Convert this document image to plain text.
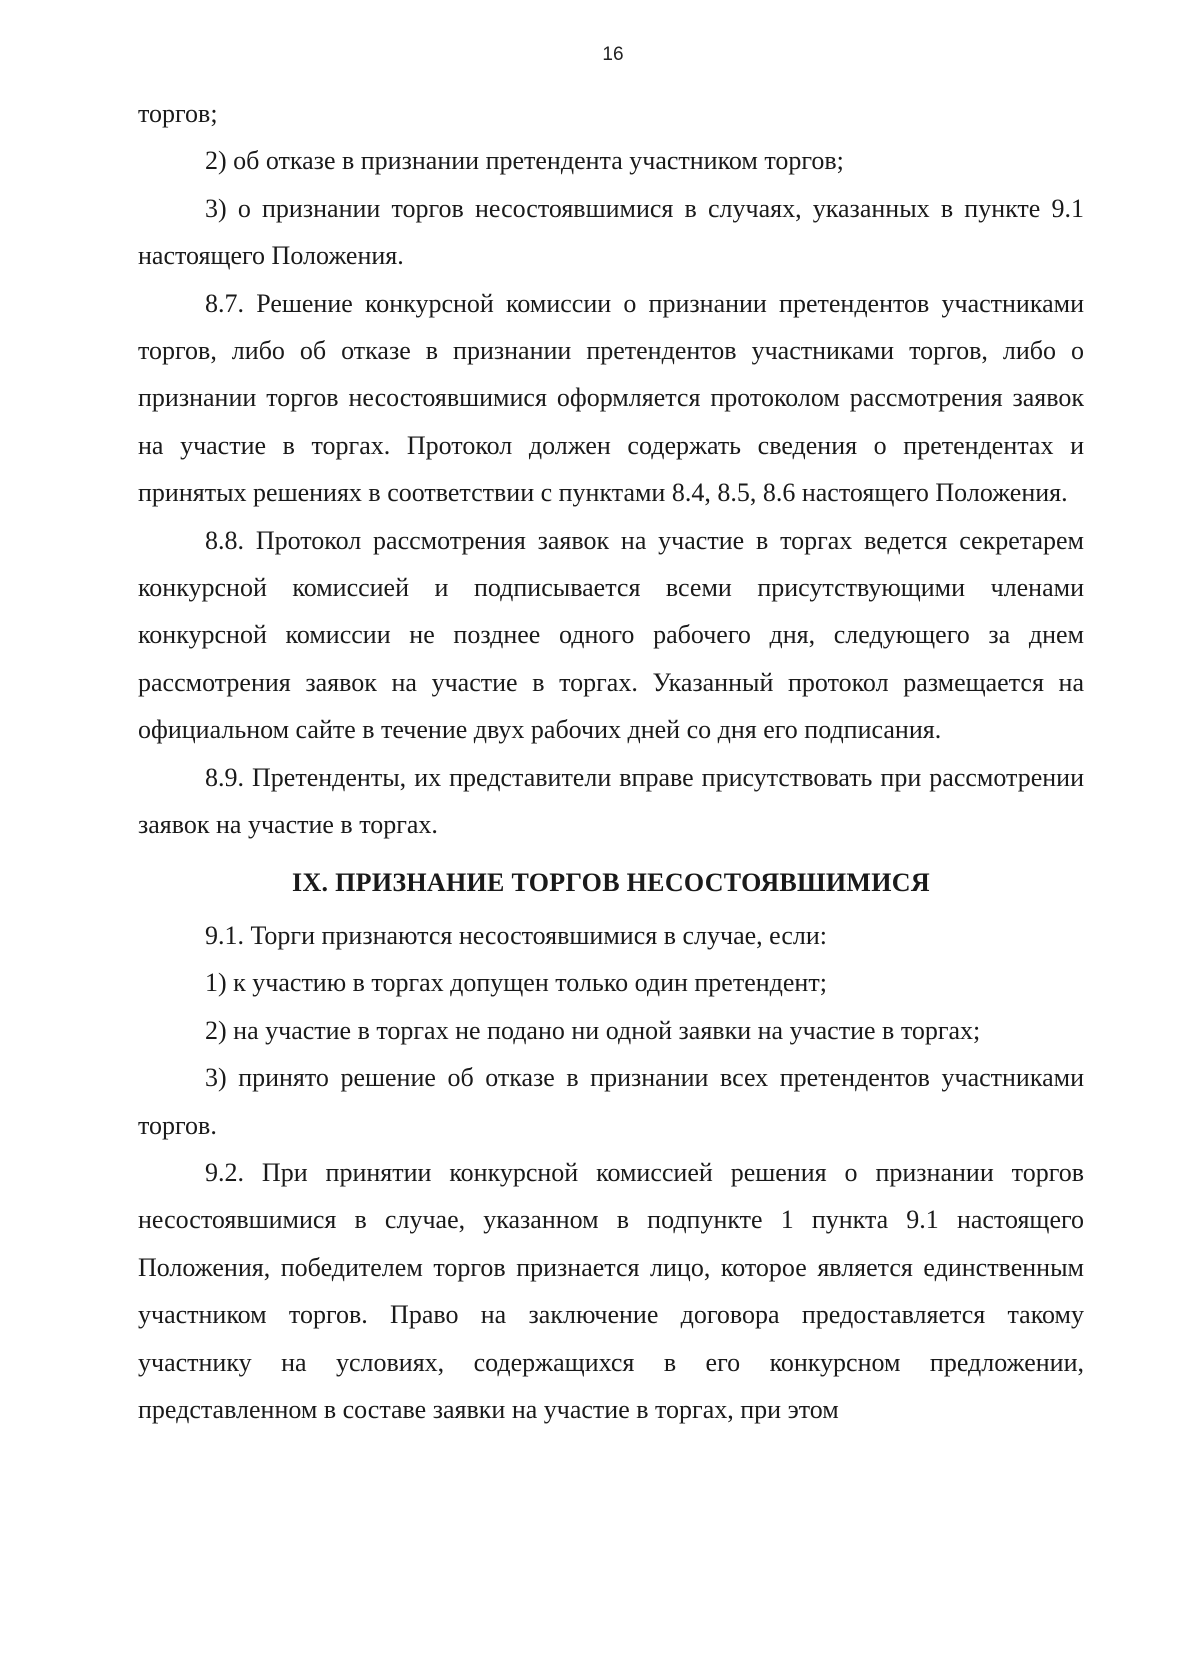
16

торгов;

2) об отказе в признании претендента участником торгов;

3) о признании торгов несостоявшимися в случаях, указанных в пункте 9.1 настоящего Положения.

8.7. Решение конкурсной комиссии о признании претендентов участниками торгов, либо об отказе в признании претендентов участниками торгов, либо о признании торгов несостоявшимися оформляется протоколом рассмотрения заявок на участие в торгах. Протокол должен содержать сведения о претендентах и принятых решениях в соответствии с пунктами 8.4, 8.5, 8.6 настоящего Положения.

8.8. Протокол рассмотрения заявок на участие в торгах ведется секретарем конкурсной комиссией и подписывается всеми присутствующими членами конкурсной комиссии не позднее одного рабочего дня, следующего за днем рассмотрения заявок на участие в торгах. Указанный протокол размещается на официальном сайте в течение двух рабочих дней со дня его подписания.

8.9. Претенденты, их представители вправе присутствовать при рассмотрении заявок на участие в торгах.

IX. ПРИЗНАНИЕ ТОРГОВ НЕСОСТОЯВШИМИСЯ

9.1. Торги признаются несостоявшимися в случае, если:

1) к участию в торгах допущен только один претендент;

2) на участие в торгах не подано ни одной заявки на участие в торгах;

3) принято решение об отказе в признании всех претендентов участниками торгов.

9.2. При принятии конкурсной комиссией решения о признании торгов несостоявшимися в случае, указанном в подпункте 1 пункта 9.1 настоящего Положения, победителем торгов признается лицо, которое является единственным участником торгов. Право на заключение договора предоставляется такому участнику на условиях, содержащихся в его конкурсном предложении, представленном в составе заявки на участие в торгах, при этом
